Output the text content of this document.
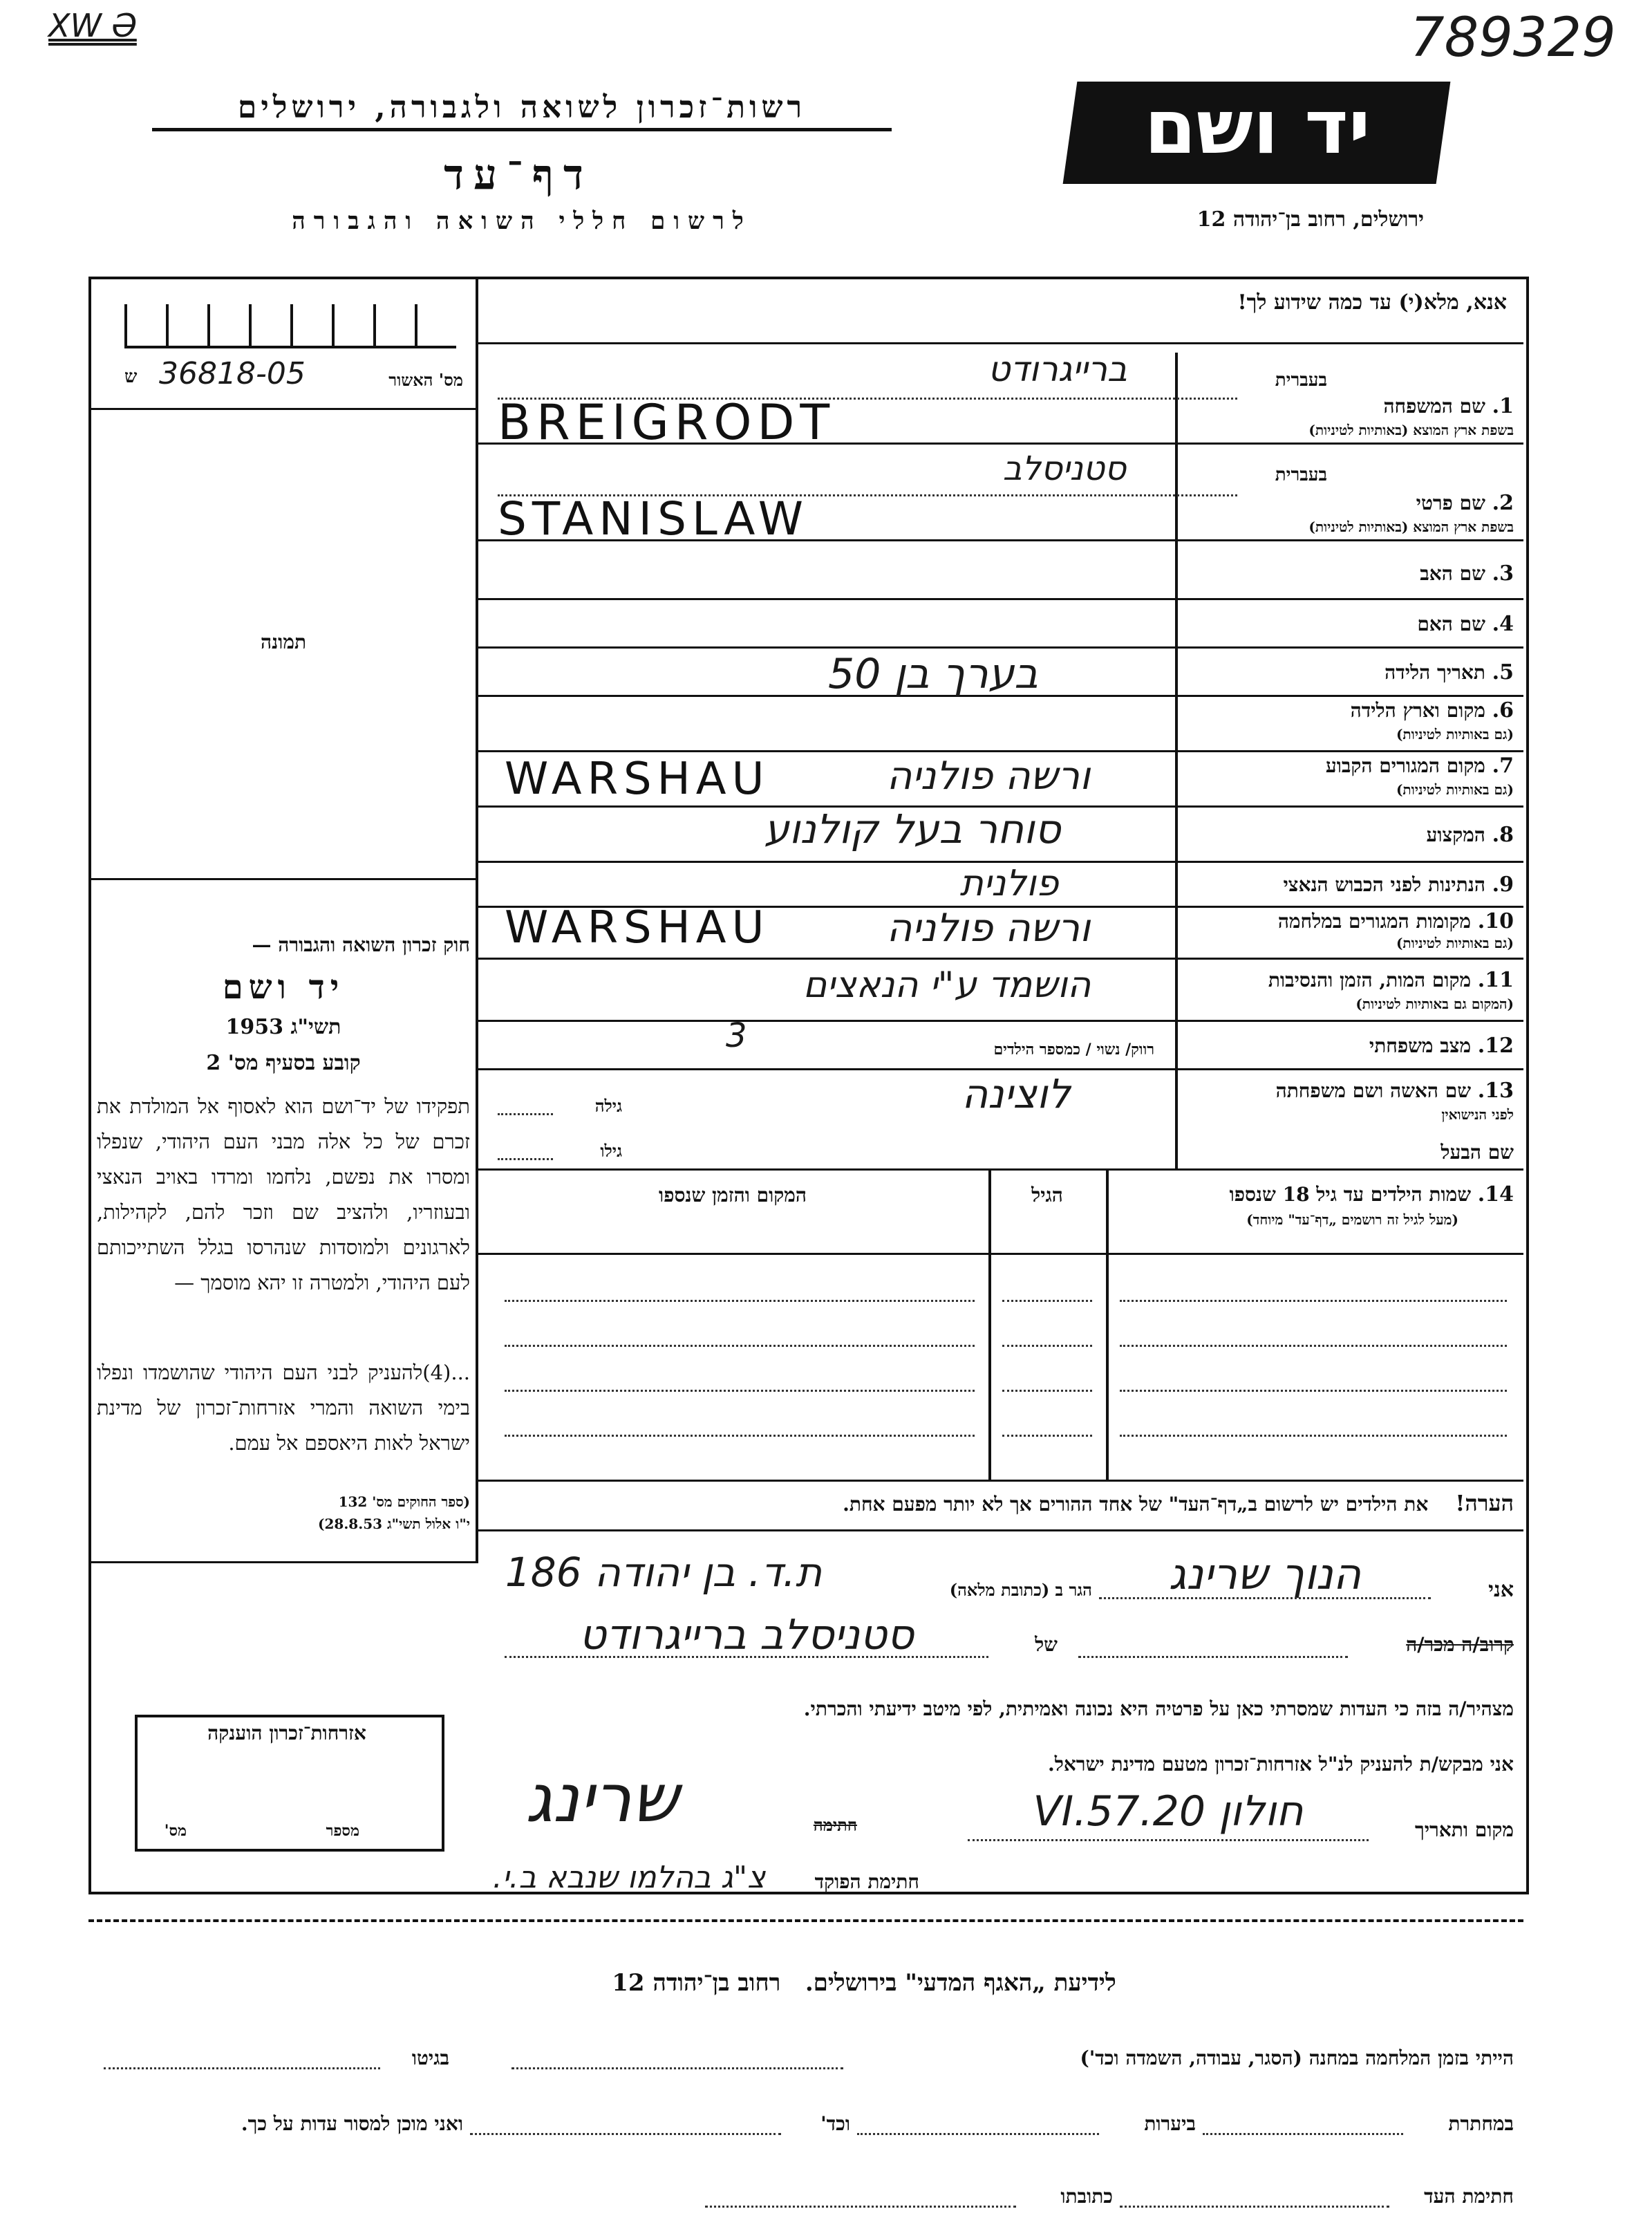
XW Ə	789329
רשות־זכרון לשואה ולגבורה, ירושלים
דף־עד
לרשום חללי השואה והגבורה
יד ושם
ירושלים, רחוב בן־יהודה 12
אנא, מלא(י) עד כמה שידוע לך!
מס' האשור
36818-05
ש
תמונה
חוק זכרון השואה והגבורה —
יד ושם
תשי"ג 1953
קובע בסעיף מס' 2
תפקידו של יד־ושם הוא לאסוף אל המולדת את זכרם של כל אלה מבני העם היהודי, שנפלו ומסרו את נפשם, נלחמו ומרדו באויב הנאצי ובעוזריו, ולהציב שם וזכר להם, לקהילות, לארגונים ולמוסדות שנהרסו בגלל השתייכותם לעם היהודי, ולמטרה זו יהא מוסמך —
...(4)להעניק לבני העם היהודי שהושמדו ונפלו בימי השואה והמרי אזרחות־זכרון של מדינת ישראל לאות היאספם אל עמם.
(ספר החוקים מס' 132
י"ו אלול תשי"ג 28.8.53)
1. שם המשפחה
בשפת ארץ המוצא (באותיות לטיניות)
בעברית
ברייגרודט
BREIGRODT
2. שם פרטי
בשפת ארץ המוצא (באותיות לטיניות)
בעברית
סטניסלב
STANISLAW
3. שם האב
4. שם האם
5. תאריך הלידה
בערך בן 50
6. מקום וארץ הלידה
(גם באותיות לטיניות)
7. מקום המגורים הקבוע
(גם באותיות לטיניות)
WARSHAU	ורשה פולניה
8. המקצוע
סוחר בעל קולנוע
9. הנתינות לפני הכבוש הנאצי
פולנית
10. מקומות המגורים במלחמה
(גם באותיות לטיניות)
WARSHAU	ורשה פולניה
11. מקום המות, הזמן והנסיבות
(המקום גם באותיות לטיניות)
הושמד ע"י הנאצים
12. מצב משפחתי
רווק/ נשוי / כמספר הילדים
3
13. שם האשה ושם משפחתה
לפני הנישואין
לוצינה
גילה
שם הבעל
גילו
14. שמות הילדים עד גיל 18 שנספו
(מעל לגיל זה רושמים „דף־עד" מיוחד)
הגיל
המקום והזמן שנספו
הערה!    את הילדים יש לרשום ב„דף־העד" של אחד ההורים אך לא יותר מפעם אחת.
אני
הנוך שרינג
הגר ב (כתובת מלאה)
ת.ד. בן יהודה 186
קרוב/ה מכר/ה
של
סטניסלב ברייגרודט
מצהיר/ה בזה כי העדות שמסרתי כאן על פרטיה היא נכונה ואמיתית, לפי מיטב ידיעתי והכרתי.
אני מבקש/ת להעניק לנ"ל אזרחות־זכרון מטעם מדינת ישראל.
מקום ותאריך
חולון 20.VI.57
שרינג	חתימה
חתימת הפוקד
צ"ג בהלמו שנבא ב.י.
אזרחות־זכרון הוענקה
מספר
מס'
לידיעת „האגף המדעי" בירושלים.   רחוב בן־יהודה 12
הייתי בזמן המלחמה במחנה (הסגר, עבודה, השמדה וכד')
בגיטו
במחתרת
ביערות
וכד'
ואני מוכן למסור עדות על כך.
חתימת העד
כתובתו
